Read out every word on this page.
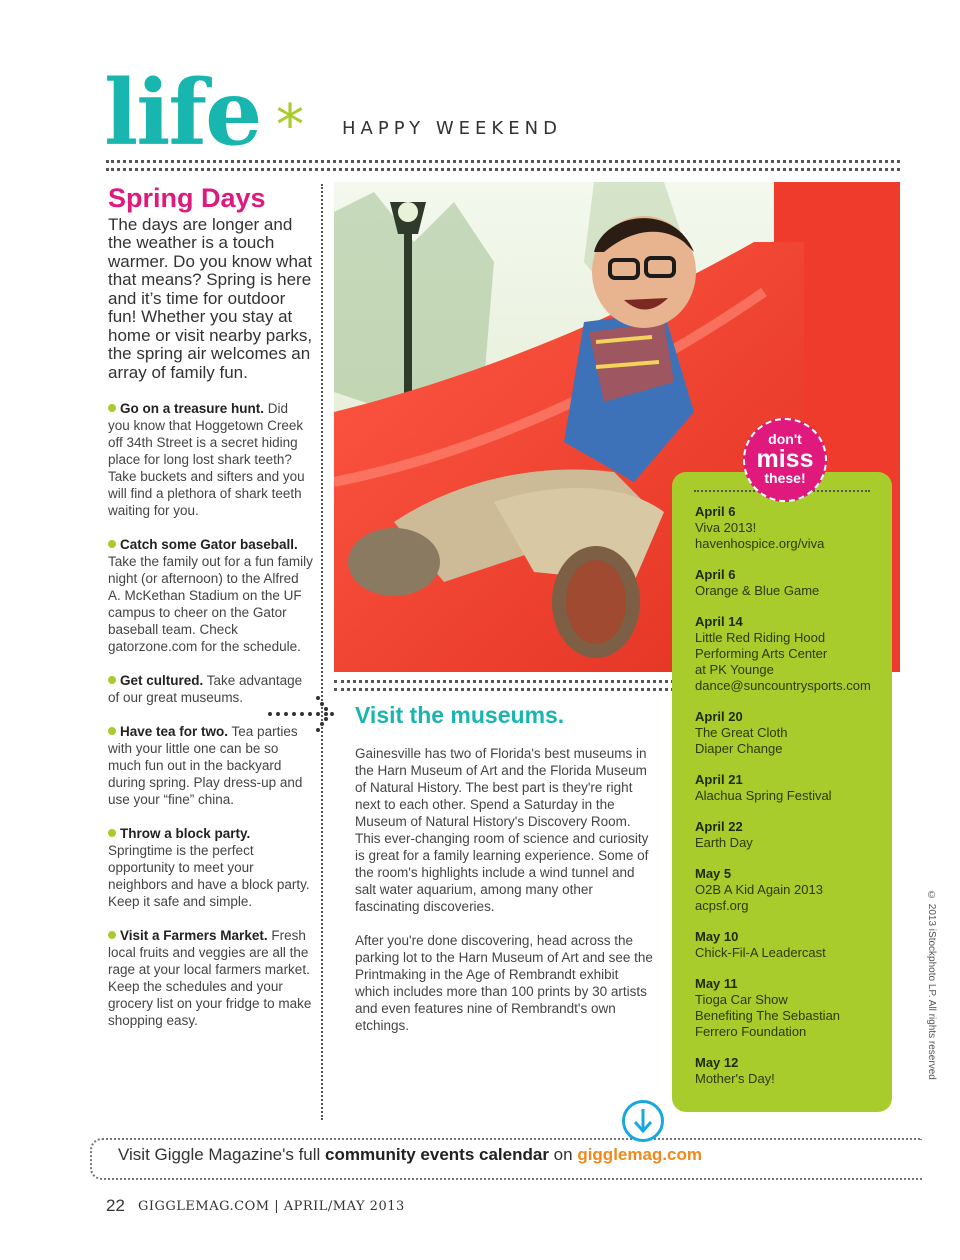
life * HAPPY WEEKEND
Spring Days

The days are longer and the weather is a touch warmer. Do you know what that means? Spring is here and it’s time for outdoor fun! Whether you stay at home or visit nearby parks, the spring air welcomes an array of family fun.

Go on a treasure hunt. Did you know that Hoggetown Creek off 34th Street is a secret hiding place for long lost shark teeth? Take buckets and sifters and you will find a plethora of shark teeth waiting for you.
Catch some Gator baseball. Take the family out for a fun family night (or afternoon) to the Alfred A. McKethan Stadium on the UF campus to cheer on the Gator baseball team. Check gatorzone.com for the schedule.
Get cultured. Take advantage of our great museums.
Have tea for two. Tea parties with your little one can be so much fun out in the backyard during spring. Play dress-up and use your “fine” china.
Throw a block party. Springtime is the perfect opportunity to meet your neighbors and have a block party. Keep it safe and simple.
Visit a Farmers Market. Fresh local fruits and veggies are all the rage at your local farmers market. Keep the schedules and your grocery list on your fridge to make shopping easy.
Visit the museums.

Gainesville has two of Florida's best museums in the Harn Museum of Art and the Florida Museum of Natural History. The best part is they're right next to each other. Spend a Saturday in the Museum of Natural History's Discovery Room. This ever-changing room of science and curiosity is great for a family learning experience. Some of the room's highlights include a wind tunnel and salt water aquarium, among many other fascinating discoveries.

After you're done discovering, head across the parking lot to the Harn Museum of Art and see the Printmaking in the Age of Rembrandt exhibit which includes more than 100 prints by 30 artists and even features nine of Rembrandt's own etchings.

April 6
Viva 2013!
havenhospice.org/viva
April 6
Orange & Blue Game
April 14
Little Red Riding Hood
Performing Arts Center
at PK Younge
dance@suncountrysports.com
April 20
The Great Cloth
Diaper Change
April 21
Alachua Spring Festival
April 22
Earth Day
May 5
O2B A Kid Again 2013
acpsf.org
May 10
Chick-Fil-A Leadercast
May 11
Tioga Car Show
Benefiting The Sebastian
Ferrero Foundation
May 12
Mother's Day!
don't
miss
these!
© 2013 iStockphoto LP. All rights reserved
Visit Giggle Magazine's full community events calendar on gigglemag.com
22 GIGGLEMAG.COM | APRIL/MAY 2013
